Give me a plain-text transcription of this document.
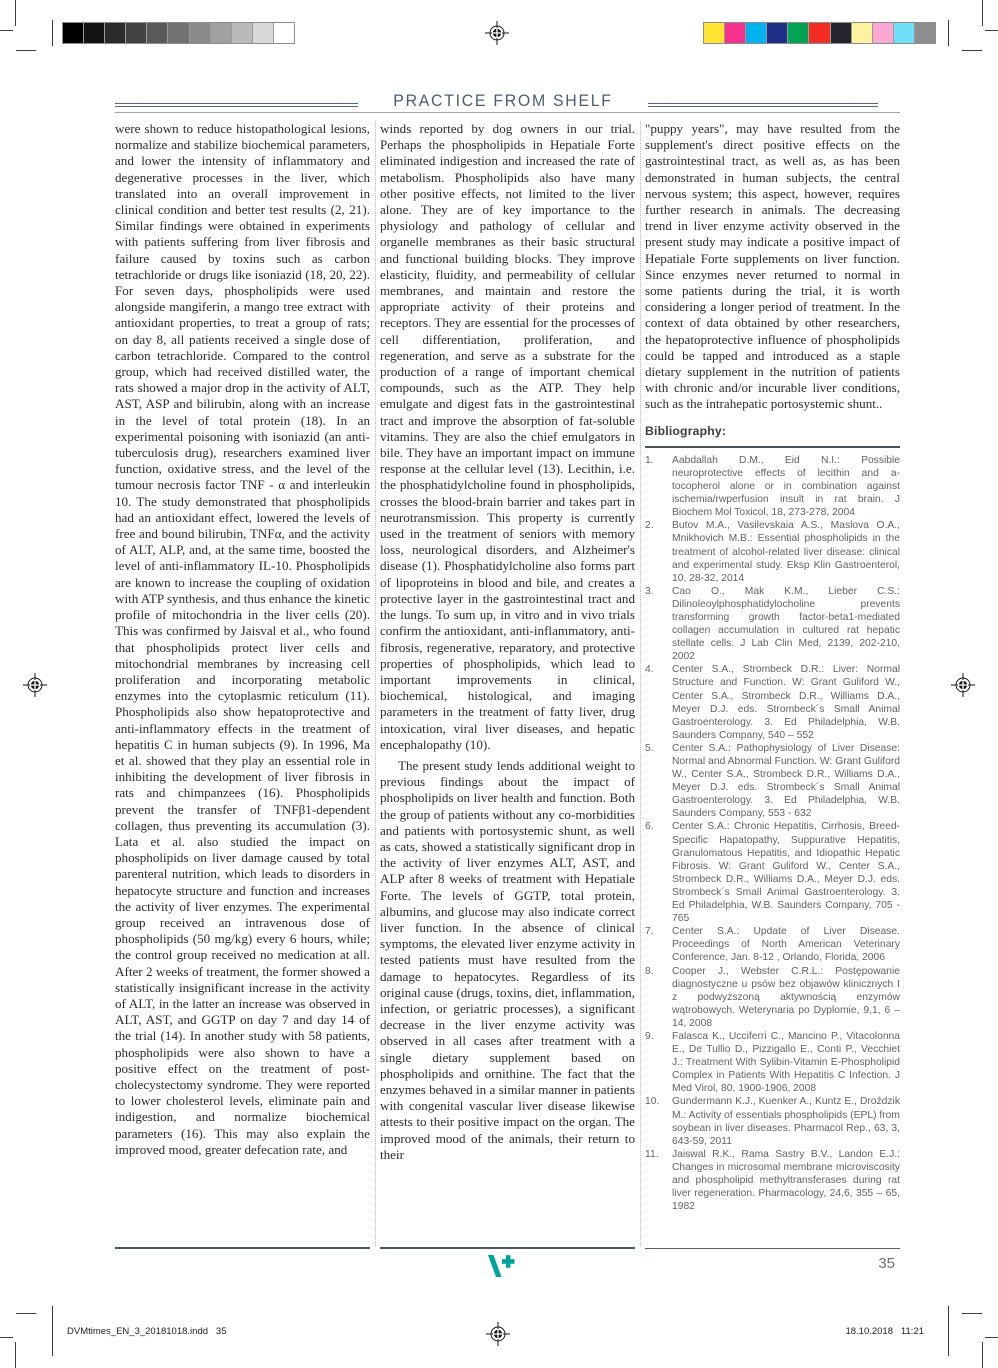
PRACTICE FROM SHELF

were shown to reduce histopathological lesions, normalize and stabilize biochemical parameters, and lower the intensity of inflammatory and degenerative processes in the liver, which translated into an overall improvement in clinical condition and better test results (2, 21). Similar findings were obtained in experiments with patients suffering from liver fibrosis and failure caused by toxins such as carbon tetrachloride or drugs like isoniazid (18, 20, 22). For seven days, phospholipids were used alongside mangiferin, a mango tree extract with antioxidant properties, to treat a group of rats; on day 8, all patients received a single dose of carbon tetrachloride. Compared to the control group, which had received distilled water, the rats showed a major drop in the activity of ALT, AST, ASP and bilirubin, along with an increase in the level of total protein (18). In an experimental poisoning with isoniazid (an anti-tuberculosis drug), researchers examined liver function, oxidative stress, and the level of the tumour necrosis factor TNF - α and interleukin 10. The study demonstrated that phospholipids had an antioxidant effect, lowered the levels of free and bound bilirubin, TNFα, and the activity of ALT, ALP, and, at the same time, boosted the level of anti-inflammatory IL-10. Phospholipids are known to increase the coupling of oxidation with ATP synthesis, and thus enhance the kinetic profile of mitochondria in the liver cells (20). This was confirmed by Jaisval et al., who found that phospholipids protect liver cells and mitochondrial membranes by increasing cell proliferation and incorporating metabolic enzymes into the cytoplasmic reticulum (11). Phospholipids also show hepatoprotective and anti-inflammatory effects in the treatment of hepatitis C in human subjects (9). In 1996, Ma et al. showed that they play an essential role in inhibiting the development of liver fibrosis in rats and chimpanzees (16). Phospholipids prevent the transfer of TNFβ1-dependent collagen, thus preventing its accumulation (3). Lata et al. also studied the impact on phospholipids on liver damage caused by total parenteral nutrition, which leads to disorders in hepatocyte structure and function and increases the activity of liver enzymes. The experimental group received an intravenous dose of phospholipids (50 mg/kg) every 6 hours, while; the control group received no medication at all. After 2 weeks of treatment, the former showed a statistically insignificant increase in the activity of ALT, in the latter an increase was observed in ALT, AST, and GGTP on day 7 and day 14 of the trial (14). In another study with 58 patients, phospholipids were also shown to have a positive effect on the treatment of post-cholecystectomy syndrome. They were reported to lower cholesterol levels, eliminate pain and indigestion, and normalize biochemical parameters (16). This may also explain the improved mood, greater defecation rate, and

winds reported by dog owners in our trial. Perhaps the phospholipids in Hepatiale Forte eliminated indigestion and increased the rate of metabolism. Phospholipids also have many other positive effects, not limited to the liver alone. They are of key importance to the physiology and pathology of cellular and organelle membranes as their basic structural and functional building blocks. They improve elasticity, fluidity, and permeability of cellular membranes, and maintain and restore the appropriate activity of their proteins and receptors. They are essential for the processes of cell differentiation, proliferation, and regeneration, and serve as a substrate for the production of a range of important chemical compounds, such as the ATP. They help emulgate and digest fats in the gastrointestinal tract and improve the absorption of fat-soluble vitamins. They are also the chief emulgators in bile. They have an important impact on immune response at the cellular level (13). Lecithin, i.e. the phosphatidylcholine found in phospholipids, crosses the blood-brain barrier and takes part in neurotransmission. This property is currently used in the treatment of seniors with memory loss, neurological disorders, and Alzheimer's disease (1). Phosphatidylcholine also forms part of lipoproteins in blood and bile, and creates a protective layer in the gastrointestinal tract and the lungs. To sum up, in vitro and in vivo trials confirm the antioxidant, anti-inflammatory, anti-fibrosis, regenerative, reparatory, and protective properties of phospholipids, which lead to important improvements in clinical, biochemical, histological, and imaging parameters in the treatment of fatty liver, drug intoxication, viral liver diseases, and hepatic encephalopathy (10).

The present study lends additional weight to previous findings about the impact of phospholipids on liver health and function. Both the group of patients without any co-morbidities and patients with portosystemic shunt, as well as cats, showed a statistically significant drop in the activity of liver enzymes ALT, AST, and ALP after 8 weeks of treatment with Hepatiale Forte. The levels of GGTP, total protein, albumins, and glucose may also indicate correct liver function. In the absence of clinical symptoms, the elevated liver enzyme activity in tested patients must have resulted from the damage to hepatocytes. Regardless of its original cause (drugs, toxins, diet, inflammation, infection, or geriatric processes), a significant decrease in the liver enzyme activity was observed in all cases after treatment with a single dietary supplement based on phospholipids and ornithine. The fact that the enzymes behaved in a similar manner in patients with congenital vascular liver disease likewise attests to their positive impact on the organ. The improved mood of the animals, their return to their

"puppy years", may have resulted from the supplement's direct positive effects on the gastrointestinal tract, as well as, as has been demonstrated in human subjects, the central nervous system; this aspect, however, requires further research in animals. The decreasing trend in liver enzyme activity observed in the present study may indicate a positive impact of Hepatiale Forte supplements on liver function. Since enzymes never returned to normal in some patients during the trial, it is worth considering a longer period of treatment. In the context of data obtained by other researchers, the hepatoprotective influence of phospholipids could be tapped and introduced as a staple dietary supplement in the nutrition of patients with chronic and/or incurable liver conditions, such as the intrahepatic portosystemic shunt..

Bibliography:
1.	Aabdallah D.M., Eid N.I.: Possible neuroprotective effects of lecithin and a-tocopherol alone or in combination against ischemia/rwperfusion insult in rat brain. J Biochem Mol Toxicol, 18, 273-278, 2004
2.	Butov M.A., Vasilevskaia A.S., Maslova O.A., Mnikhovich M.B.: Essential phospholipids in the treatment of alcohol-related liver disease: clinical and experimental study. Eksp Klin Gastroenterol, 10, 28-32, 2014
3.	Cao O., Mak K.M., Lieber C.S.: Dilinoleoylphosphatidylocholine prevents transforming growth factor-beta1-mediated collagen accumulation in cultured rat hepatic stellate cells. J Lab Clin Med, 2139, 202-210, 2002
4.	Center S.A., Strombeck D.R.: Liver: Normal Structure and Function. W: Grant Guliford W., Center S.A., Strombeck D.R., Williams D.A., Meyer D.J. eds. Strombeck´s Small Animal Gastroenterology. 3. Ed Philadelphia, W.B. Saunders Company, 540 – 552
5.	Center S.A.: Pathophysiology of Liver Disease: Normal and Abnormal Function. W: Grant Guliford W., Center S.A., Strombeck D.R., Williams D.A., Meyer D.J. eds. Strombeck´s Small Animal Gastroenterology. 3. Ed Philadelphia, W.B. Saunders Company, 553 - 632
6.	Center S.A.: Chronic Hepatitis, Cirrhosis, Breed-Specific Hapatopathy, Suppurative Hepatitis, Granulomatous Hepatitis, and Idiopathic Hepatic Fibrosis. W: Grant Guliford W., Center S.A., Strombeck D.R., Williams D.A., Meyer D.J. eds. Strombeck´s Small Animal Gastroenterology. 3. Ed Philadelphia, W.B. Saunders Company, 705 - 765
7.	Center S.A.: Update of Liver Disease. Proceedings of North American Veterinary Conference, Jan. 8-12 , Orlando, Florida, 2006
8.	Cooper J., Webster C.R.L.: Postępowanie diagnostyczne u psów bez objawów klinicznych I z podwyższoną aktywnością enzymów wątrobowych. Weterynaria po Dyplomie, 9,1, 6 – 14, 2008
9.	Falasca K., Ucciferri C., Mancino P., Vitacolonna E., De Tullio D., Pizzigallo E., Conti P., Vecchiet J.: Treatment With Sylibin-Vitamin E-Phospholipid Complex in Patients With Hepatitis C Infection. J Med Virol, 80, 1900-1906, 2008
10.	Gundermann K.J., Kuenker A., Kuntz E., Droździk M.: Activity of essentials phospholipids (EPL) from soybean in liver diseases. Pharmacol Rep., 63, 3, 643-59, 2011
11.	Jaiswal R.K., Rama Sastry B.V., Landon E.J.: Changes in microsomal membrane microviscosity and phospholipid methyltransferases during rat liver regeneration. Pharmacology, 24,6, 355 – 65, 1982
35
DVMtimes_EN_3_20181018.indd   35	18.10.2018   11:21
